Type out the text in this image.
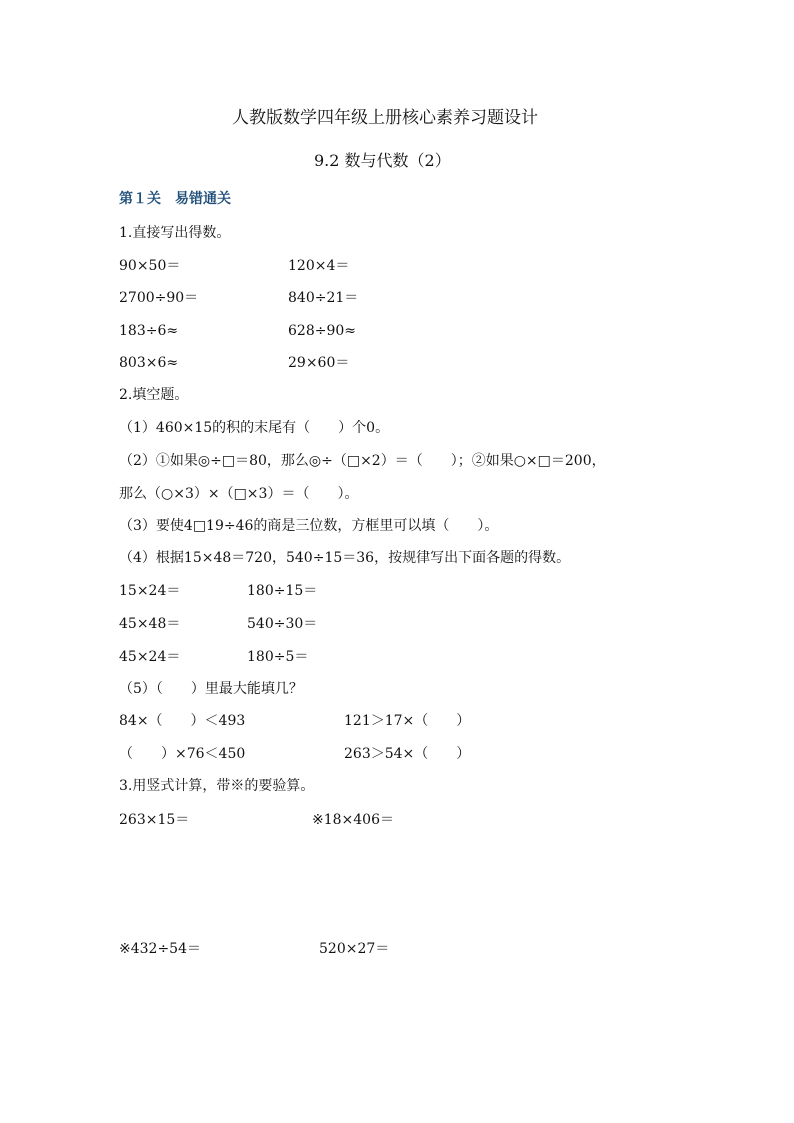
人教版数学四年级上册核心素养习题设计
9.2 数与代数（2）
第１关　易错通关
1.直接写出得数。
90×50＝	120×4＝
2700÷90＝	840÷21＝
183÷6≈	628÷90≈
803×6≈	29×60＝
2.填空题。
（1）460×15的积的末尾有（　　）个0。
（2）①如果◎÷□＝80，那么◎÷（□×2）＝（　　）；②如果○×□＝200，
那么（○×3）×（□×3）＝（　　）。
（3）要使4□19÷46的商是三位数，方框里可以填（　　）。
（4）根据15×48＝720，540÷15＝36，按规律写出下面各题的得数。
15×24＝	180÷15＝
45×48＝	540÷30＝
45×24＝	180÷5＝
（5）（　　）里最大能填几？
84×（　　）＜493	121＞17×（　　）
（　　）×76＜450	263＞54×（　　）
3.用竖式计算，带※的要验算。
263×15＝	※18×406＝
※432÷54＝	520×27＝
